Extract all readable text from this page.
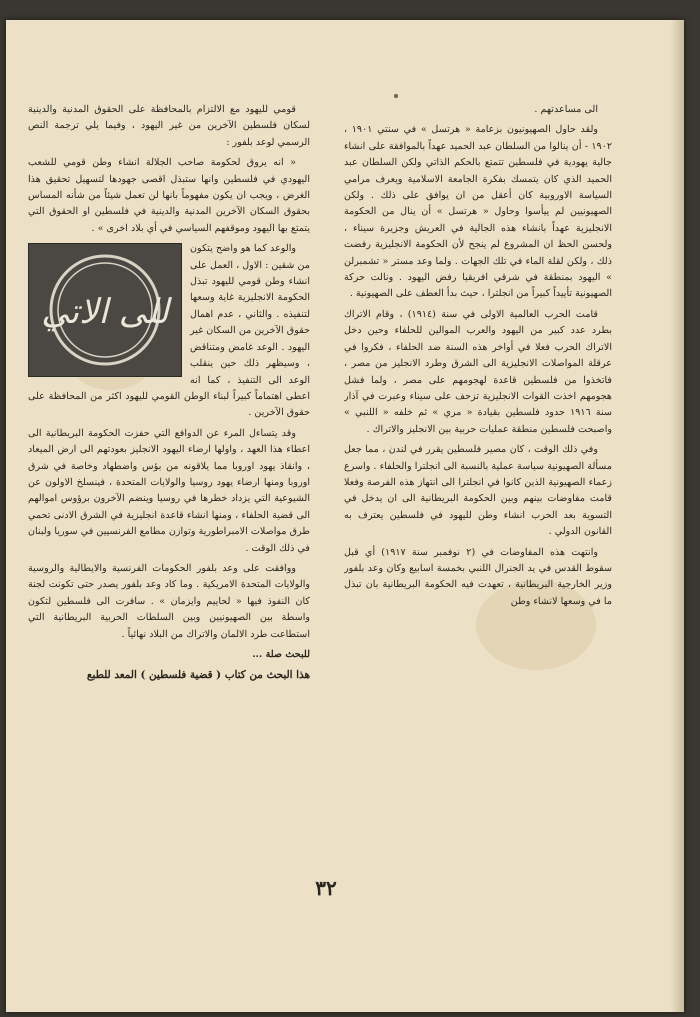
الى مساعدتهم .

ولقد حاول الصهيونيون بزعامة « هرتسل » في سنتي ١٩٠١ ، ١٩٠٢ - أن ينالوا من السلطان عبد الحميد عهداً بالموافقة على انشاء جالية يهودية في فلسطين تتمتع بالحكم الذاتي ولكن السلطان عبد الحميد الذي كان يتمسك بفكرة الجامعة الاسلامية ويعرف مرامي السياسة الاوروبية كان أعقل من ان يوافق على ذلك . ولكن الصهيونيين لم ييأسوا وحاول « هرتسل » أن ينال من الحكومة الانجليزية عهداً بانشاء هذه الجالية في العريش وجزيرة سيناء ، ولحسن الحظ ان المشروع لم ينجح لأن الحكومة الانجليزية رفضت ذلك ، ولكن لقلة الماء في تلك الجهات . ولما وعد مستر « تشمبرلن » اليهود بمنطقة في شرقي افريقيا رفض اليهود . ونالت حركة الصهيونية تأييداً كبيراً من انجلترا ، حيث بدأ العطف على الصهيونية .

قامت الحرب العالمية الاولى في سنة (١٩١٤) ، وقام الاتراك بطرد عدد كبير من اليهود والعرب الموالين للحلفاء وحين دخل الاتراك الحرب فعلا في أواخر هذه السنة ضد الحلفاء ، فكروا في عرقلة المواصلات الانجليزية الى الشرق وطرد الانجليز من مصر ، فاتخذوا من فلسطين قاعدة لهجومهم على مصر ، ولما فشل هجومهم اخذت القوات الانجليزية تزحف على سيناء وعبرت في آذار سنة ١٩١٦ حدود فلسطين بقيادة « مري » ثم خلفه « اللنبي » واصبحت فلسطين منطقة عمليات حربية بين الانجليز والاتراك .

وفي ذلك الوقت ، كان مصير فلسطين يقرر في لندن ، مما جعل مسألة الصهيونية سياسة عملية بالنسبة الى انجلترا والحلفاء . واسرع زعماء الصهيونية الذين كانوا في انجلترا الى انتهاز هذه الفرصة وفعلا قامت مفاوضات بينهم وبين الحكومة البريطانية الى ان يدخل في التسوية بعد الحرب انشاء وطن لليهود في فلسطين يعترف به القانون الدولي .

وانتهت هذه المفاوضات في (٢ نوفمبر سنة ١٩١٧) أي قبل سقوط القدس في يد الجنرال اللنبي بخمسة اسابيع وكان وعد بلفور وزير الخارجية البريطانية ، تعهدت فيه الحكومة البريطانية بان تبذل ما في وسعها لانشاء وطن

قومي لليهود مع الالتزام بالمحافظة على الحقوق المدنية والدينية لسكان فلسطين الآخرين من غير اليهود ، وفيما يلي ترجمة النص الرسمي لوعد بلفور :

« انه يروق لحكومة صاحب الجلالة انشاء وطن قومي للشعب اليهودي في فلسطين وانها ستبذل اقصى جهودها لتسهيل تحقيق هذا الغرض ، ويجب ان يكون مفهوماً بانها لن تعمل شيئاً من شأنه المساس بحقوق السكان الآخرين المدنية والدينية في فلسطين او الحقوق التي يتمتع بها اليهود وموقفهم السياسي في أي بلاد اخرى » .

للى الاتي

والوعد كما هو واضح يتكون من شقين : الاول ، العمل على انشاء وطن قومي لليهود تبذل الحكومة الانجليزية غاية وسعها لتنفيذه . والثاني ، عدم اهمال حقوق الآخرين من السكان غير اليهود . الوعد غامض ومتناقض ، وسيظهر ذلك حين ينقلب الوعد الى التنفيذ ، كما انه اعطى اهتماماً كبيراً لبناء الوطن القومي لليهود اكثر من المحافظة على حقوق الآخرين .

وقد يتساءل المرء عن الدوافع التي حفزت الحكومة البريطانية الى اعطاء هذا العهد ، واولها ارضاء اليهود الانجليز بعودتهم الى ارض الميعاد ، وانقاذ يهود اوروبا مما يلاقونه من بؤس واضطهاد وخاصة في شرق اوروبا ومنها ارضاء يهود روسيا والولايات المتحدة ، فينسلخ الاولون عن الشيوعية التي يزداد خطرها في روسيا وينضم الآخرون برؤوس اموالهم الى قضية الحلفاء ، ومنها انشاء قاعدة انجليزية في الشرق الادنى تحمي طرق مواصلات الامبراطورية وتوازن مطامع الفرنسيين في سوريا ولبنان في ذلك الوقت .

ووافقت على وعد بلفور الحكومات الفرنسية والايطالية والروسية والولايات المتحدة الامريكية . وما كاد وعد بلفور يصدر حتى تكونت لجنة كان النفوذ فيها « لحاييم وايزمان » . سافرت الى فلسطين لتكون واسطة بين الصهيونيين وبين السلطات الحربية البريطانية التي استطاعت طرد الالمان والاتراك من البلاد نهائياً .

للبحث صلة ...

هذا البحث من كتاب ( قضية فلسطين ) المعد للطبع

٣٢
